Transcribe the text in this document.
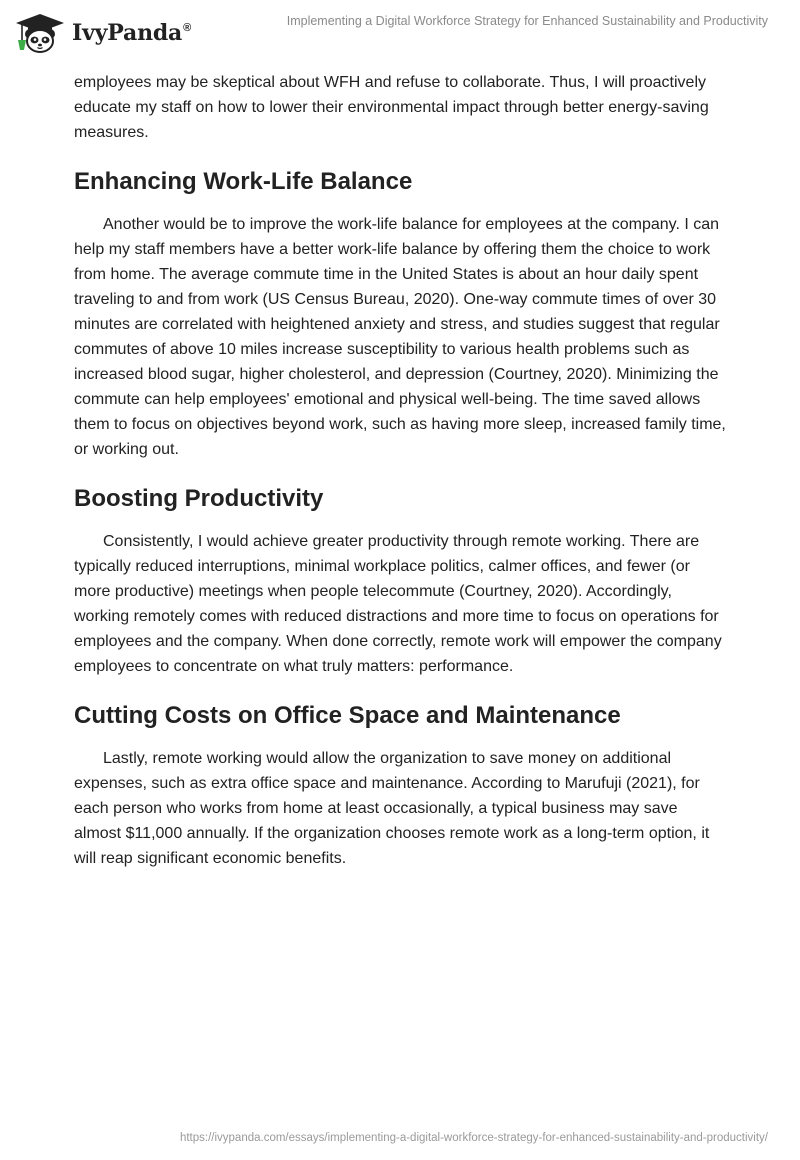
IvyPanda®	Implementing a Digital Workforce Strategy for Enhanced Sustainability and Productivity

employees may be skeptical about WFH and refuse to collaborate. Thus, I will proactively educate my staff on how to lower their environmental impact through better energy-saving measures.

Enhancing Work-Life Balance

Another would be to improve the work-life balance for employees at the company. I can help my staff members have a better work-life balance by offering them the choice to work from home. The average commute time in the United States is about an hour daily spent traveling to and from work (US Census Bureau, 2020). One-way commute times of over 30 minutes are correlated with heightened anxiety and stress, and studies suggest that regular commutes of above 10 miles increase susceptibility to various health problems such as increased blood sugar, higher cholesterol, and depression (Courtney, 2020). Minimizing the commute can help employees' emotional and physical well-being. The time saved allows them to focus on objectives beyond work, such as having more sleep, increased family time, or working out.

Boosting Productivity

Consistently, I would achieve greater productivity through remote working. There are typically reduced interruptions, minimal workplace politics, calmer offices, and fewer (or more productive) meetings when people telecommute (Courtney, 2020). Accordingly, working remotely comes with reduced distractions and more time to focus on operations for employees and the company. When done correctly, remote work will empower the company employees to concentrate on what truly matters: performance.

Cutting Costs on Office Space and Maintenance

Lastly, remote working would allow the organization to save money on additional expenses, such as extra office space and maintenance. According to Marufuji (2021), for each person who works from home at least occasionally, a typical business may save almost $11,000 annually. If the organization chooses remote work as a long-term option, it will reap significant economic benefits.

https://ivypanda.com/essays/implementing-a-digital-workforce-strategy-for-enhanced-sustainability-and-productivity/
